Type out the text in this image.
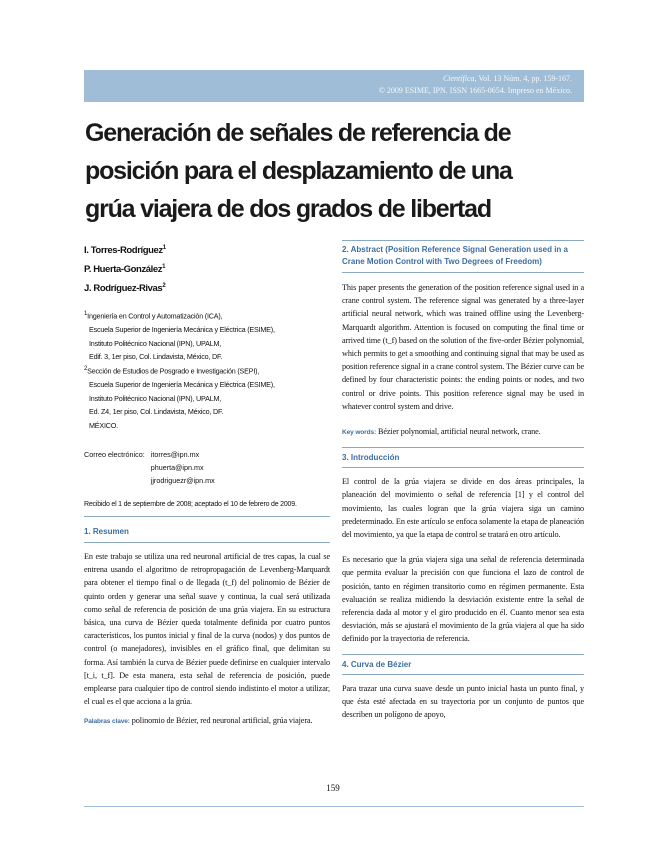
Científica, Vol. 13 Núm. 4, pp. 159-167.
© 2009 ESIME, IPN. ISSN 1665-0654. Impreso en México.
Generación de señales de referencia de posición para el desplazamiento de una grúa viajera de dos grados de libertad
I. Torres-Rodríguez$^1$
P. Huerta-González$^1$
J. Rodríguez-Rivas$^2$
$^1$Ingeniería en Control y Automatización (ICA),
Escuela Superior de Ingeniería Mecánica y Eléctrica (ESIME),
Instituto Politécnico Nacional (IPN), UPALM,
Edif. 3, 1er piso, Col. Lindavista, México, DF.
$^2$Sección de Estudios de Posgrado e Investigación (SEPI),
Escuela Superior de Ingeniería Mecánica y Eléctrica (ESIME),
Instituto Politécnico Nacional (IPN), UPALM,
Ed. Z4, 1er piso, Col. Lindavista, México, DF.
MÉXICO.
Correo electrónico: itorres@ipn.mx
phuerta@ipn.mx
jjrodriguezr@ipn.mx
Recibido el 1 de septiembre de 2008; aceptado el 10 de febrero de 2009.
1. Resumen

En este trabajo se utiliza una red neuronal artificial de tres capas, la cual se entrena usando el algoritmo de retropropagación de Levenberg-Marquardt para obtener el tiempo final o de llegada (t_f) del polinomio de Bézier de quinto orden y generar una señal suave y continua, la cual será utilizada como señal de referencia de posición de una grúa viajera. En su estructura básica, una curva de Bézier queda totalmente definida por cuatro puntos característicos, los puntos inicial y final de la curva (nodos) y dos puntos de control (o manejadores), invisibles en el gráfico final, que delimitan su forma. Así también la curva de Bézier puede definirse en cualquier intervalo [t_i, t_f]. De esta manera, esta señal de referencia de posición, puede emplearse para cualquier tipo de control siendo indistinto el motor a utilizar, el cual es el que acciona a la grúa.

Palabras clave: polinomio de Bézier, red neuronal artificial, grúa viajera.

2. Abstract (Position Reference Signal Generation used in a Crane Motion Control with Two Degrees of Freedom)

This paper presents the generation of the position reference signal used in a crane control system. The reference signal was generated by a three-layer artificial neural network, which was trained offline using the Levenberg-Marquardt algorithm. Attention is focused on computing the final time or arrived time (t_f) based on the solution of the five-order Bézier polynomial, which permits to get a smoothing and continuing signal that may be used as position reference signal in a crane control system. The Bézier curve can be defined by four characteristic points: the ending points or nodes, and two control or drive points. This position reference signal may be used in whatever control system and drive.

Key words: Bézier polynomial, artificial neural network, crane.

3. Introducción

El control de la grúa viajera se divide en dos áreas principales, la planeación del movimiento o señal de referencia [1] y el control del movimiento, las cuales logran que la grúa viajera siga un camino predeterminado. En este artículo se enfoca solamente la etapa de planeación del movimiento, ya que la etapa de control se tratará en otro artículo.

Es necesario que la grúa viajera siga una señal de referencia determinada que permita evaluar la precisión con que funciona el lazo de control de posición, tanto en régimen transitorio como en régimen permanente. Esta evaluación se realiza midiendo la desviación existente entre la señal de referencia dada al motor y el giro producido en él. Cuanto menor sea esta desviación, más se ajustará el movimiento de la grúa viajera al que ha sido definido por la trayectoria de referencia.

4. Curva de Bézier

Para trazar una curva suave desde un punto inicial hasta un punto final, y que ésta esté afectada en su trayectoria por un conjunto de puntos que describen un polígono de apoyo,

159
